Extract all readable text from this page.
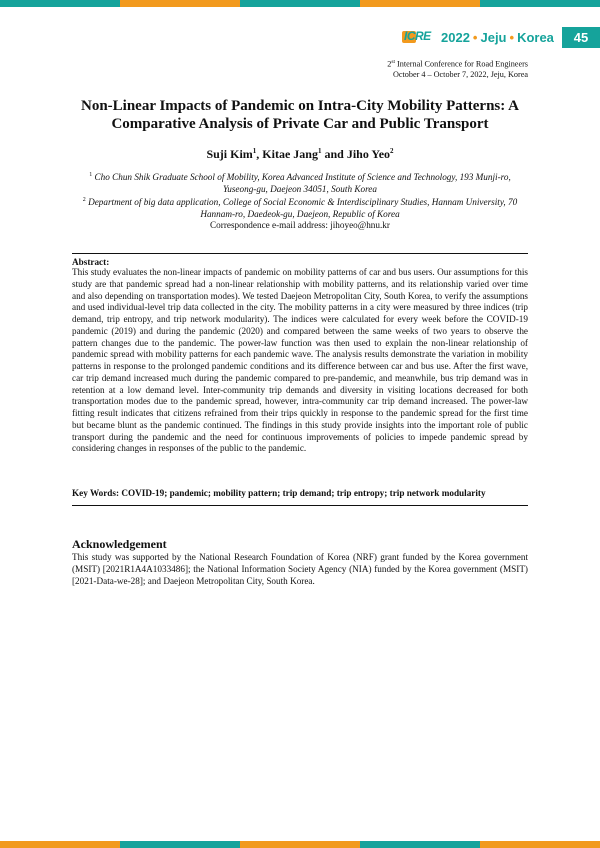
ICRE 2022 • Jeju • Korea	45
2st Internal Conference for Road Engineers
October 4 – October 7, 2022, Jeju, Korea
Non-Linear Impacts of Pandemic on Intra-City Mobility Patterns: A Comparative Analysis of Private Car and Public Transport
Suji Kim$^1$, Kitae Jang$^1$ and Jiho Yeo$^2$
$^1$ Cho Chun Shik Graduate School of Mobility, Korea Advanced Institute of Science and Technology, 193 Munji-ro, Yuseong-gu, Daejeon 34051, South Korea
$^2$ Department of big data application, College of Social Economic & Interdisciplinary Studies, Hannam University, 70 Hannam-ro, Daedeok-gu, Daejeon, Republic of Korea
Correspondence e-mail address: jihoyeo@hnu.kr
Abstract:
This study evaluates the non-linear impacts of pandemic on mobility patterns of car and bus users. Our assumptions for this study are that pandemic spread had a non-linear relationship with mobility patterns, and its relationship varied over time and also depending on transportation modes). We tested Daejeon Metropolitan City, South Korea, to verify the assumptions and used individual-level trip data collected in the city. The mobility patterns in a city were measured by three indices (trip demand, trip entropy, and trip network modularity). The indices were calculated for every week before the COVID-19 pandemic (2019) and during the pandemic (2020) and compared between the same weeks of two years to observe the pattern changes due to the pandemic. The power-law function was then used to explain the non-linear relationship of pandemic spread with mobility patterns for each pandemic wave. The analysis results demonstrate the variation in mobility patterns in response to the prolonged pandemic conditions and its difference between car and bus use. After the first wave, car trip demand increased much during the pandemic compared to pre-pandemic, and meanwhile, bus trip demand was in retention at a low demand level. Inter-community trip demands and diversity in visiting locations decreased for both transportation modes due to the pandemic spread, however, intra-community car trip demand increased. The power-law fitting result indicates that citizens refrained from their trips quickly in response to the pandemic spread for the first time but became blunt as the pandemic continued. The findings in this study provide insights into the important role of public transport during the pandemic and the need for continuous improvements of policies to impede pandemic spread by considering changes in responses of the public to the pandemic.
Key Words: COVID-19; pandemic; mobility pattern; trip demand; trip entropy; trip network modularity
Acknowledgement
This study was supported by the National Research Foundation of Korea (NRF) grant funded by the Korea government (MSIT) [2021R1A4A1033486]; the National Information Society Agency (NIA) funded by the Korea government (MSIT) [2021-Data-we-28]; and Daejeon Metropolitan City, South Korea.
